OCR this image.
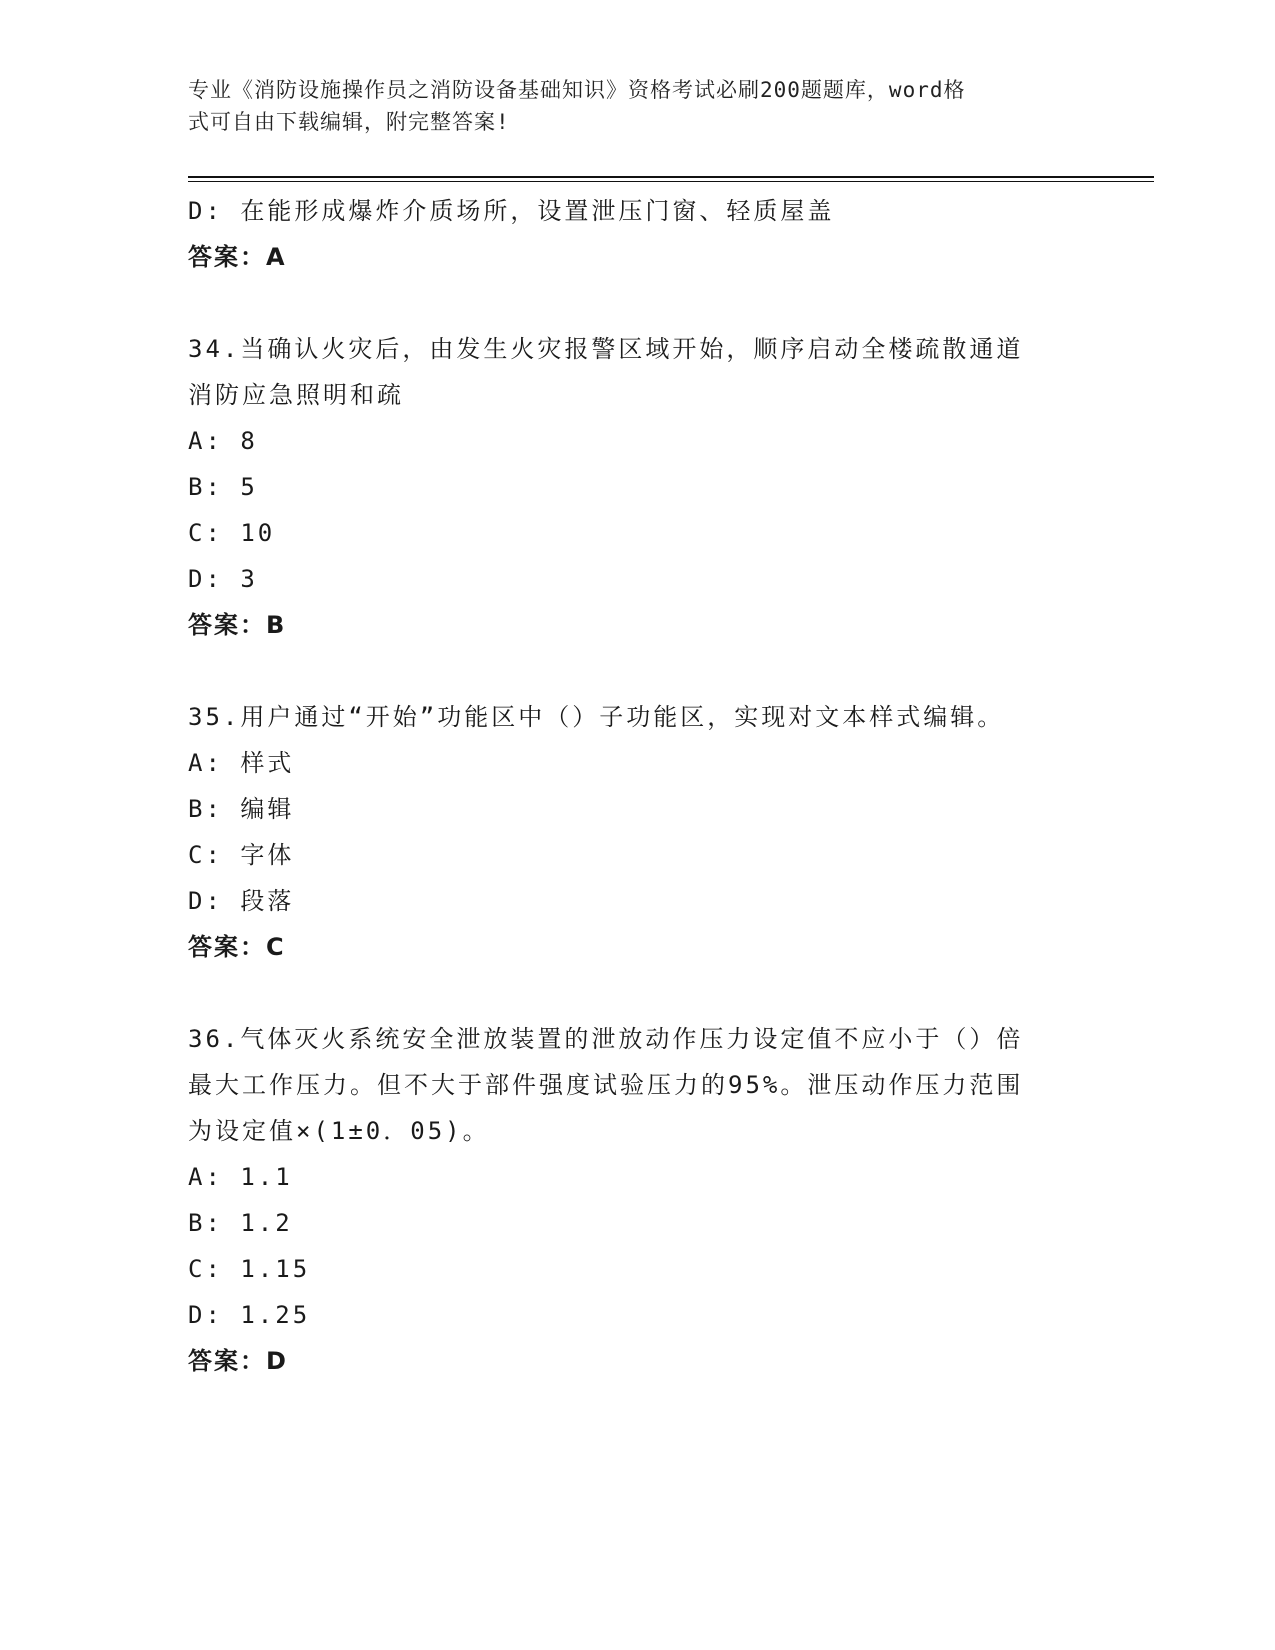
专业《消防设施操作员之消防设备基础知识》资格考试必刷200题题库，word格
式可自由下载编辑，附完整答案!
D: 在能形成爆炸介质场所，设置泄压门窗、轻质屋盖
答案：A
34.当确认火灾后，由发生火灾报警区域开始，顺序启动全楼疏散通道
消防应急照明和疏
A: 8
B: 5
C: 10
D: 3
答案：B
35.用户通过“开始”功能区中（）子功能区，实现对文本样式编辑。
A: 样式
B: 编辑
C: 字体
D: 段落
答案：C
36.气体灭火系统安全泄放装置的泄放动作压力设定值不应小于（）倍
最大工作压力。但不大于部件强度试验压力的95%。泄压动作压力范围
为设定值×(1±0．05)。
A: 1.1
B: 1.2
C: 1.15
D: 1.25
答案：D
